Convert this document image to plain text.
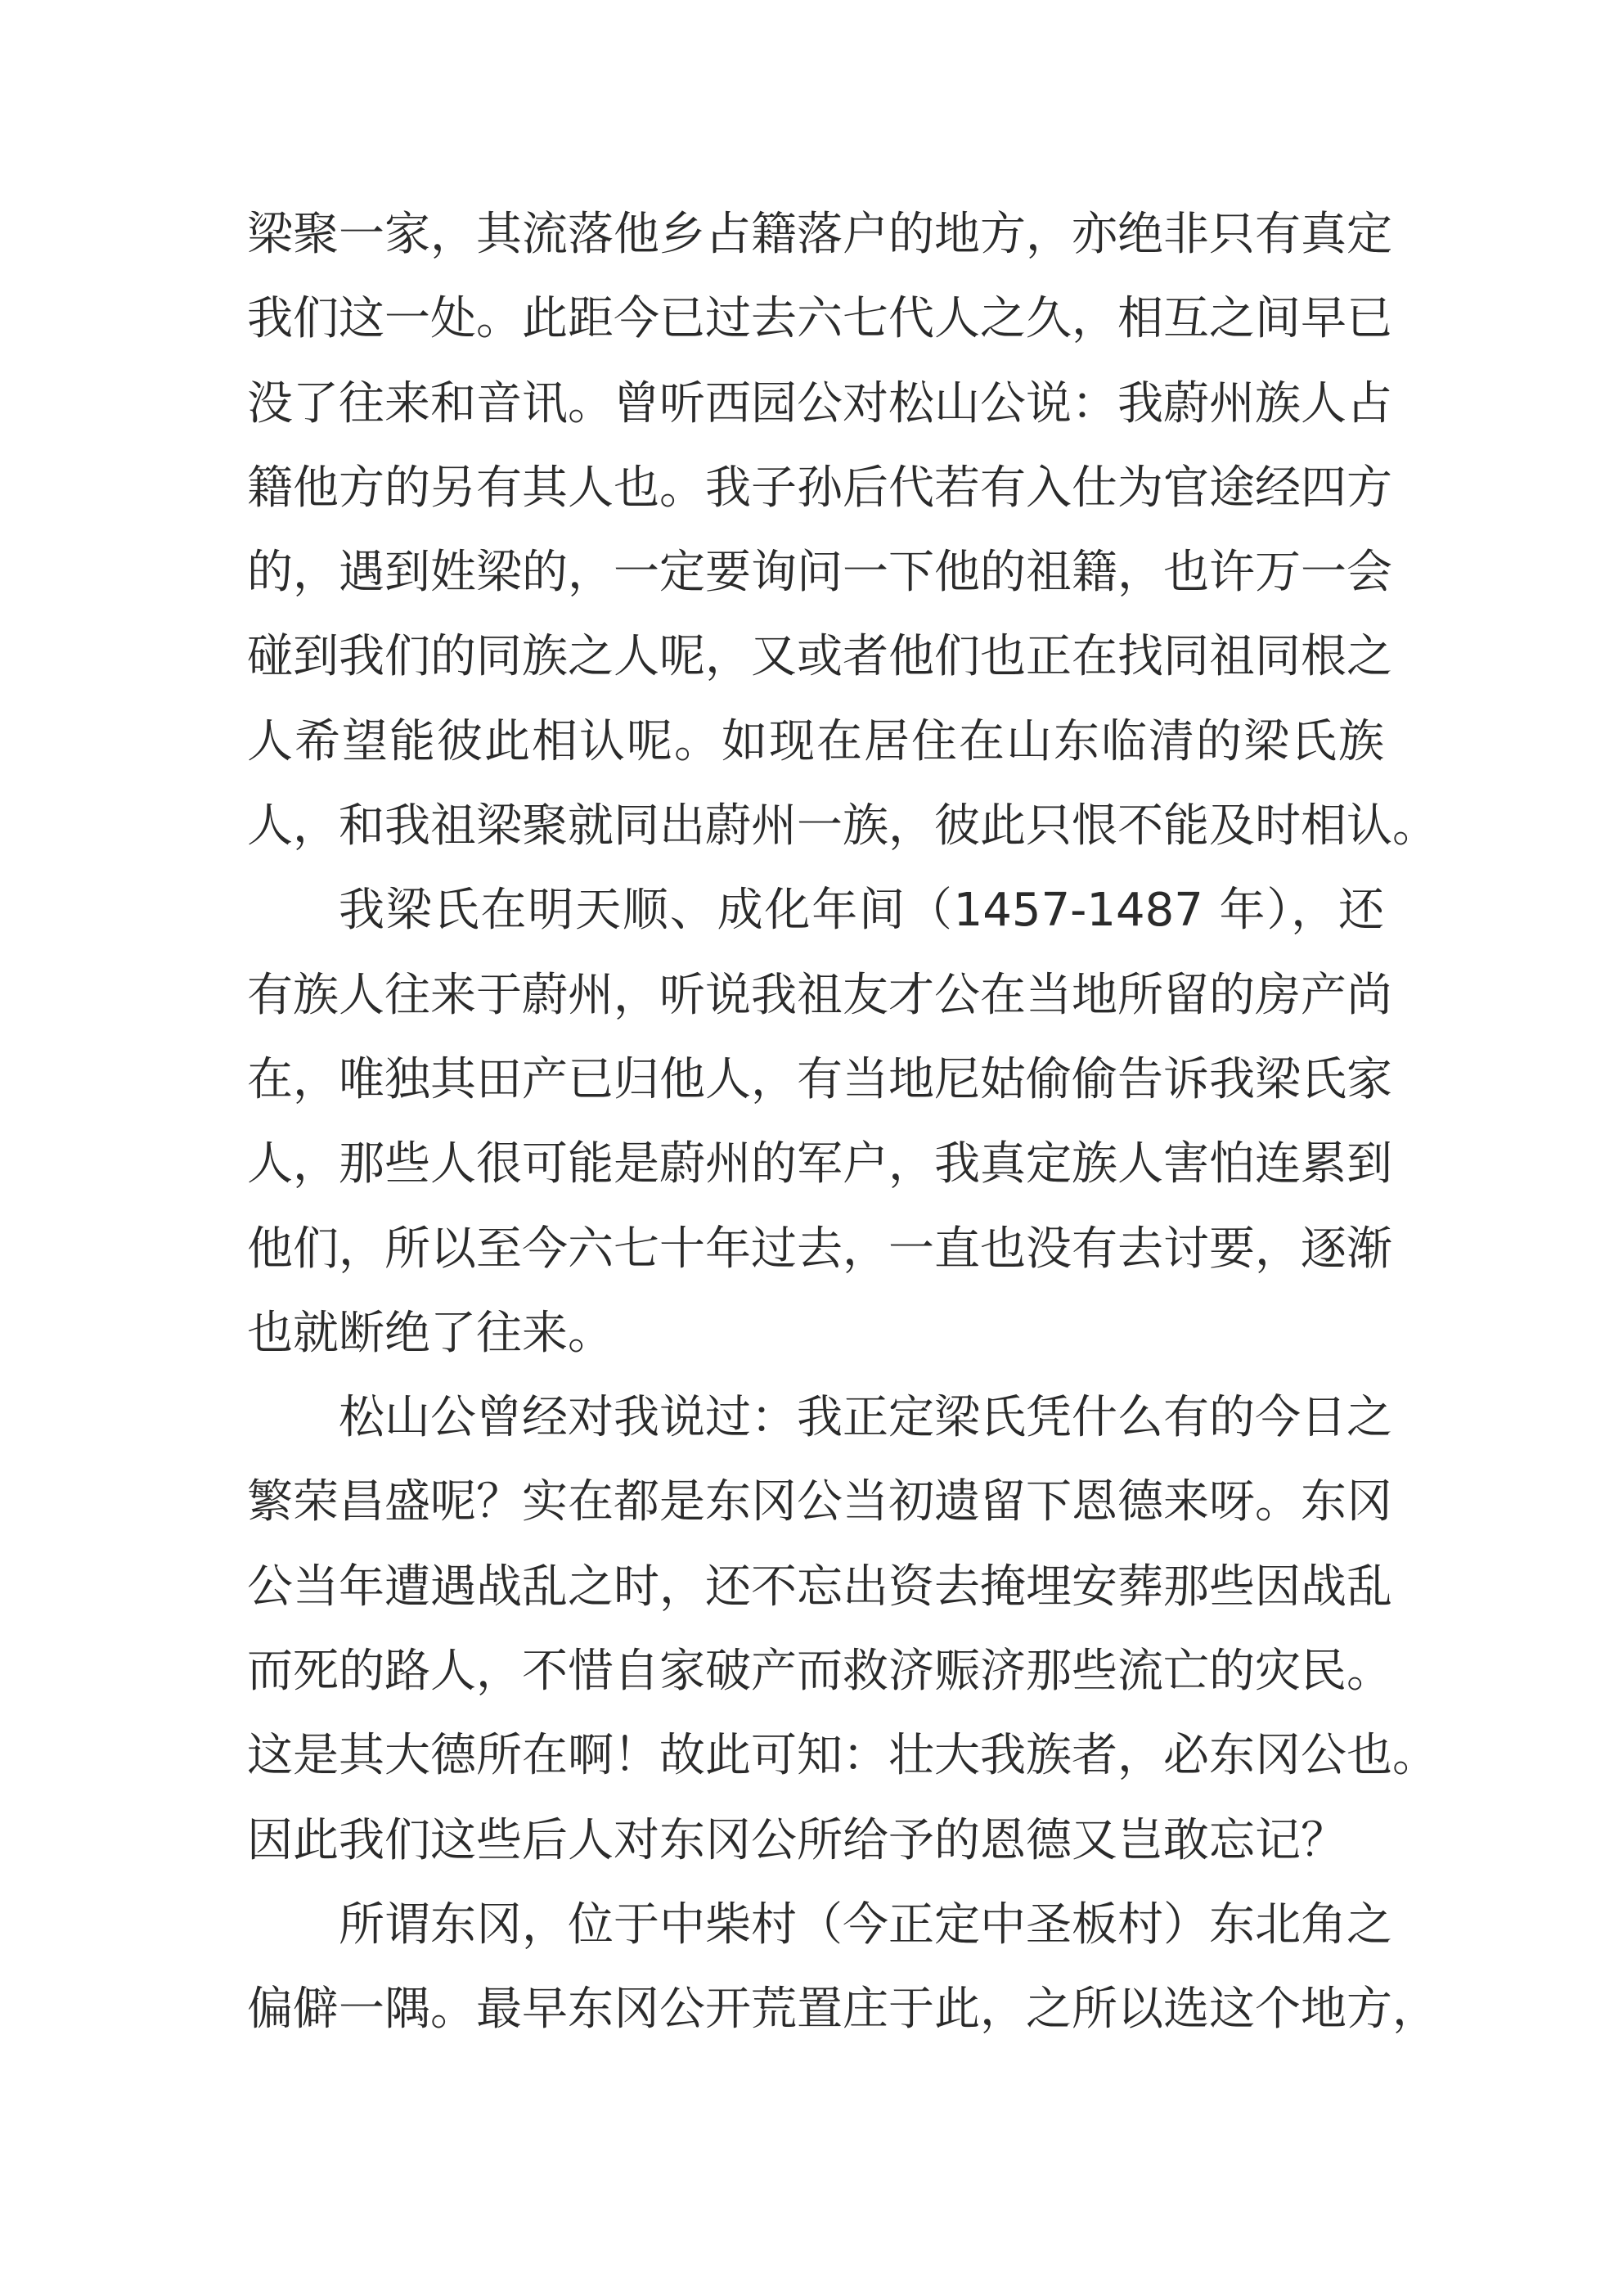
梁聚一家，其流落他乡占籍落户的地方，亦绝非只有真定
我们这一处。此距今已过去六七代人之久，相互之间早已
没了往来和音讯。曾听西园公对松山公说：我蔚州族人占
籍他方的另有其人也。我子孙后代若有入仕为官途经四方
的，遇到姓梁的，一定要询问一下他的祖籍，也许万一会
碰到我们的同族之人呢，又或者他们也正在找同祖同根之
人希望能彼此相认呢。如现在居住在山东临清的梁氏族
人，和我祖梁聚就同出蔚州一族，彼此只恨不能及时相认。
我梁氏在明天顺、成化年间（1457-1487 年），还
有族人往来于蔚州，听说我祖友才公在当地所留的房产尚
在，唯独其田产已归他人，有当地尼姑偷偷告诉我梁氏家
人，那些人很可能是蔚州的军户，我真定族人害怕连累到
他们，所以至今六七十年过去，一直也没有去讨要，逐渐
也就断绝了往来。
松山公曾经对我说过：我正定梁氏凭什么有的今日之
繁荣昌盛呢？实在都是东冈公当初遗留下恩德来呀。东冈
公当年遭遇战乱之时，还不忘出资去掩埋安葬那些因战乱
而死的路人，不惜自家破产而救济赈济那些流亡的灾民。
这是其大德所在啊！故此可知：壮大我族者，必东冈公也。
因此我们这些后人对东冈公所给予的恩德又岂敢忘记？
所谓东冈，位于中柴村（今正定中圣板村）东北角之
偏僻一隅。最早东冈公开荒置庄于此，之所以选这个地方，
